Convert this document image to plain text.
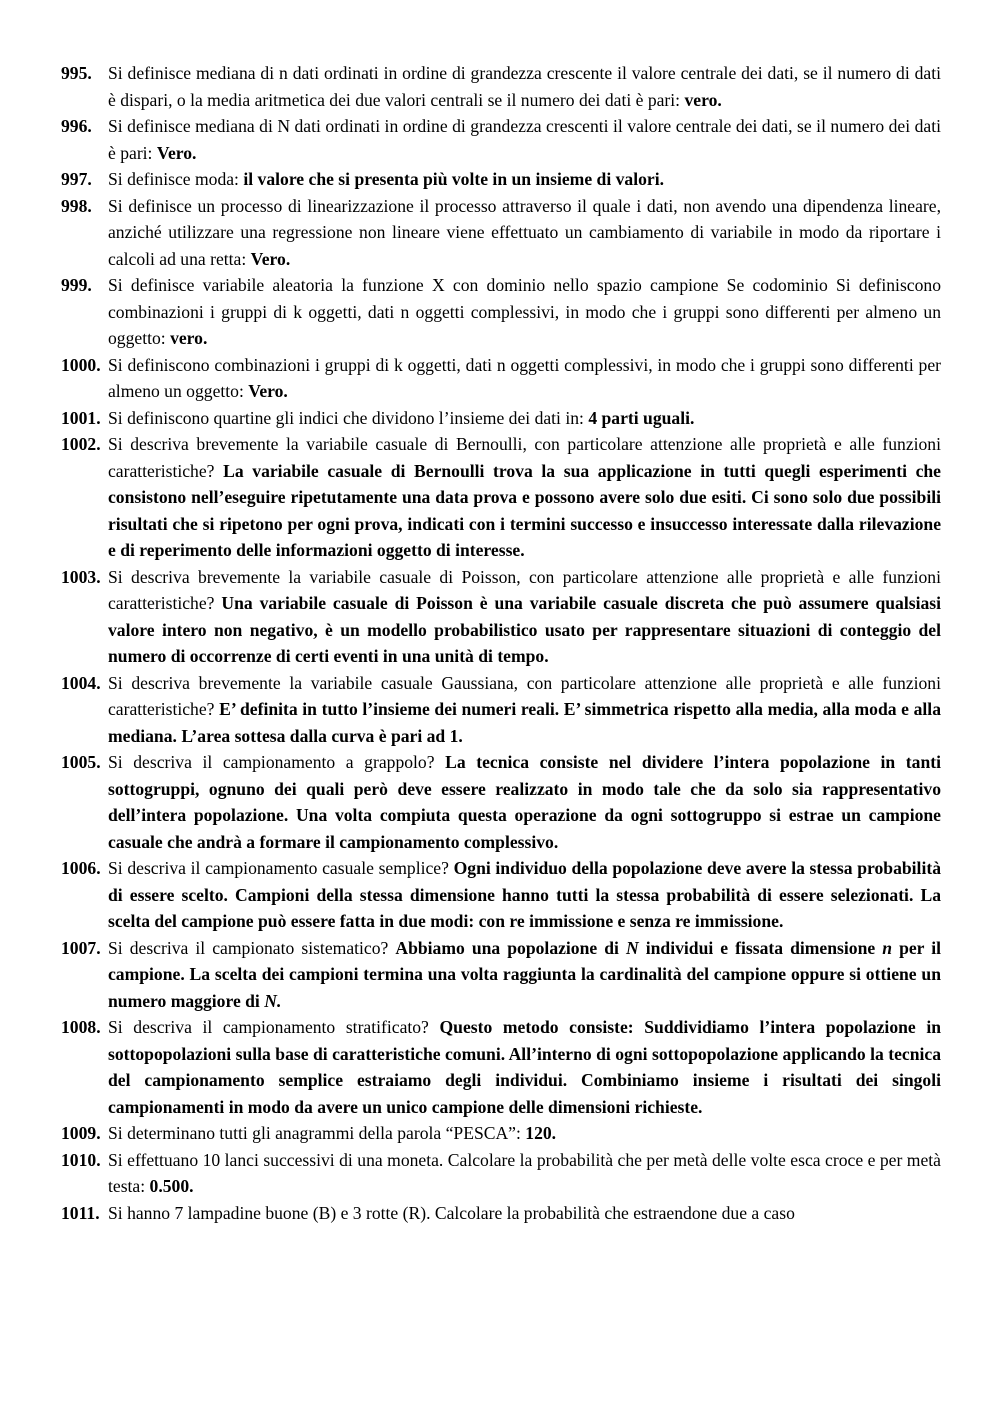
995. Si definisce mediana di n dati ordinati in ordine di grandezza crescente il valore centrale dei dati, se il numero di dati è dispari, o la media aritmetica dei due valori centrali se il numero dei dati è pari: vero.
996. Si definisce mediana di N dati ordinati in ordine di grandezza crescenti il valore centrale dei dati, se il numero dei dati è pari: Vero.
997. Si definisce moda: il valore che si presenta più volte in un insieme di valori.
998. Si definisce un processo di linearizzazione il processo attraverso il quale i dati, non avendo una dipendenza lineare, anziché utilizzare una regressione non lineare viene effettuato un cambiamento di variabile in modo da riportare i calcoli ad una retta: Vero.
999. Si definisce variabile aleatoria la funzione X con dominio nello spazio campione Se codominio Si definiscono combinazioni i gruppi di k oggetti, dati n oggetti complessivi, in modo che i gruppi sono differenti per almeno un oggetto: vero.
1000. Si definiscono combinazioni i gruppi di k oggetti, dati n oggetti complessivi, in modo che i gruppi sono differenti per almeno un oggetto: Vero.
1001. Si definiscono quartine gli indici che dividono l’insieme dei dati in: 4 parti uguali.
1002. Si descriva brevemente la variabile casuale di Bernoulli, con particolare attenzione alle proprietà e alle funzioni caratteristiche? La variabile casuale di Bernoulli trova la sua applicazione in tutti quegli esperimenti che consistono nell’eseguire ripetutamente una data prova e possono avere solo due esiti. Ci sono solo due possibili risultati che si ripetono per ogni prova, indicati con i termini successo e insuccesso interessate dalla rilevazione e di reperimento delle informazioni oggetto di interesse.
1003. Si descriva brevemente la variabile casuale di Poisson, con particolare attenzione alle proprietà e alle funzioni caratteristiche? Una variabile casuale di Poisson è una variabile casuale discreta che può assumere qualsiasi valore intero non negativo, è un modello probabilistico usato per rappresentare situazioni di conteggio del numero di occorrenze di certi eventi in una unità di tempo.
1004. Si descriva brevemente la variabile casuale Gaussiana, con particolare attenzione alle proprietà e alle funzioni caratteristiche? E’ definita in tutto l’insieme dei numeri reali. E’ simmetrica rispetto alla media, alla moda e alla mediana. L’area sottesa dalla curva è pari ad 1.
1005. Si descriva il campionamento a grappolo? La tecnica consiste nel dividere l’intera popolazione in tanti sottogruppi, ognuno dei quali però deve essere realizzato in modo tale che da solo sia rappresentativo dell’intera popolazione. Una volta compiuta questa operazione da ogni sottogruppo si estrae un campione casuale che andrà a formare il campionamento complessivo.
1006. Si descriva il campionamento casuale semplice? Ogni individuo della popolazione deve avere la stessa probabilità di essere scelto. Campioni della stessa dimensione hanno tutti la stessa probabilità di essere selezionati. La scelta del campione può essere fatta in due modi: con re immissione e senza re immissione.
1007. Si descriva il campionato sistematico? Abbiamo una popolazione di N individui e fissata dimensione n per il campione. La scelta dei campioni termina una volta raggiunta la cardinalità del campione oppure si ottiene un numero maggiore di N.
1008. Si descriva il campionamento stratificato? Questo metodo consiste: Suddividiamo l’intera popolazione in sottopopolazioni sulla base di caratteristiche comuni. All’interno di ogni sottopopolazione applicando la tecnica del campionamento semplice estraiamo degli individui. Combiniamo insieme i risultati dei singoli campionamenti in modo da avere un unico campione delle dimensioni richieste.
1009. Si determinano tutti gli anagrammi della parola “PESCA”: 120.
1010. Si effettuano 10 lanci successivi di una moneta. Calcolare la probabilità che per metà delle volte esca croce e per metà testa: 0.500.
1011. Si hanno 7 lampadine buone (B) e 3 rotte (R). Calcolare la probabilità che estraendone due a caso
